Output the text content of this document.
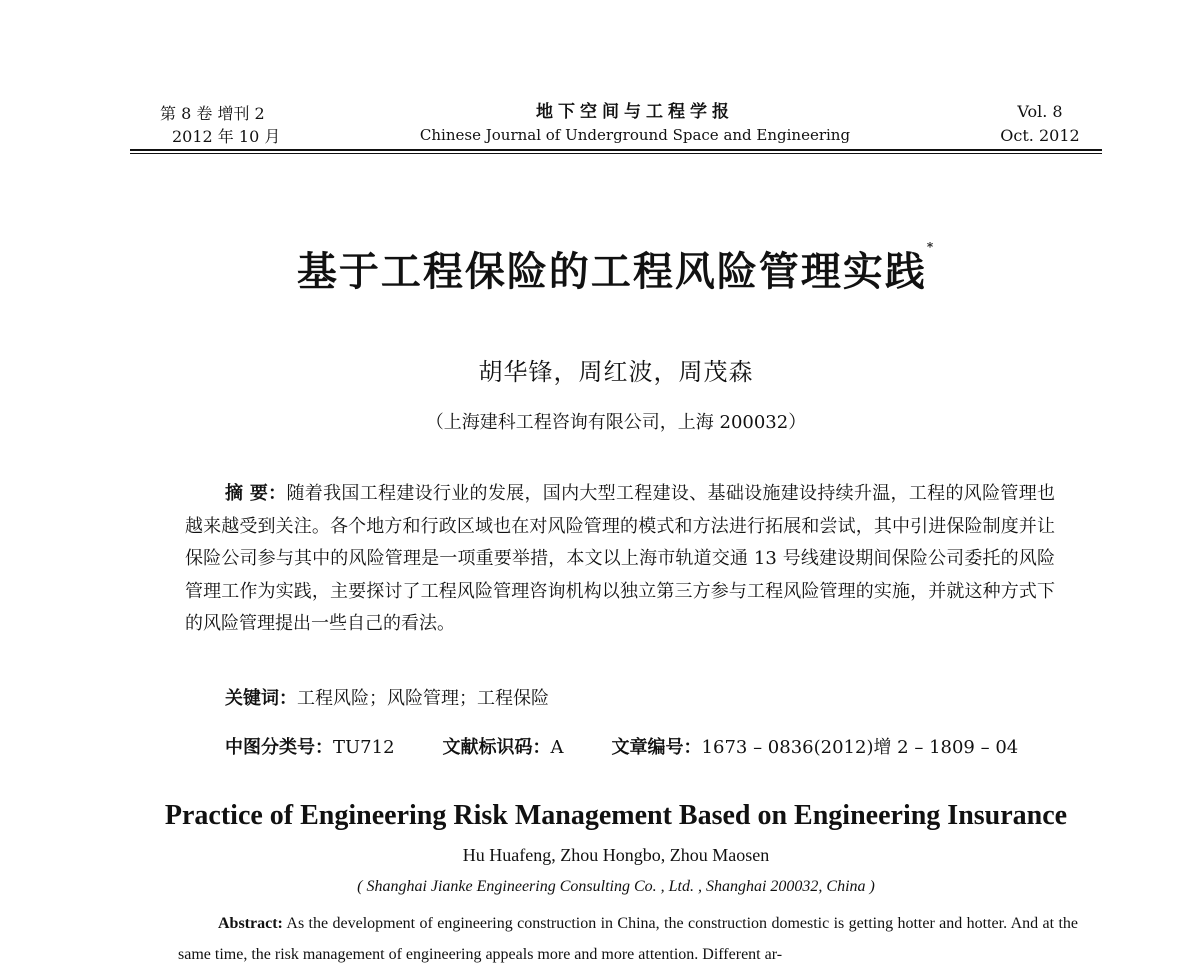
第 8 卷 增刊 2
2012 年 10 月
地下空间与工程学报
Chinese Journal of Underground Space and Engineering
Vol. 8
Oct. 2012
基于工程保险的工程风险管理实践*
胡华锋，周红波，周茂森
（上海建科工程咨询有限公司，上海 200032）
摘 要：随着我国工程建设行业的发展，国内大型工程建设、基础设施建设持续升温，工程的风险管理也越来越受到关注。各个地方和行政区域也在对风险管理的模式和方法进行拓展和尝试，其中引进保险制度并让保险公司参与其中的风险管理是一项重要举措，本文以上海市轨道交通 13 号线建设期间保险公司委托的风险管理工作为实践，主要探讨了工程风险管理咨询机构以独立第三方参与工程风险管理的实施，并就这种方式下的风险管理提出一些自己的看法。
关键词：工程风险；风险管理；工程保险
中图分类号：TU712	文献标识码：A	文章编号：1673 – 0836(2012)增 2 – 1809 – 04
Practice of Engineering Risk Management Based on Engineering Insurance
Hu Huafeng, Zhou Hongbo, Zhou Maosen
( Shanghai Jianke Engineering Consulting Co. , Ltd. , Shanghai 200032, China )
Abstract: As the development of engineering construction in China, the construction domestic is getting hotter and hotter. And at the same time, the risk management of engineering appeals more and more attention. Different ar-
